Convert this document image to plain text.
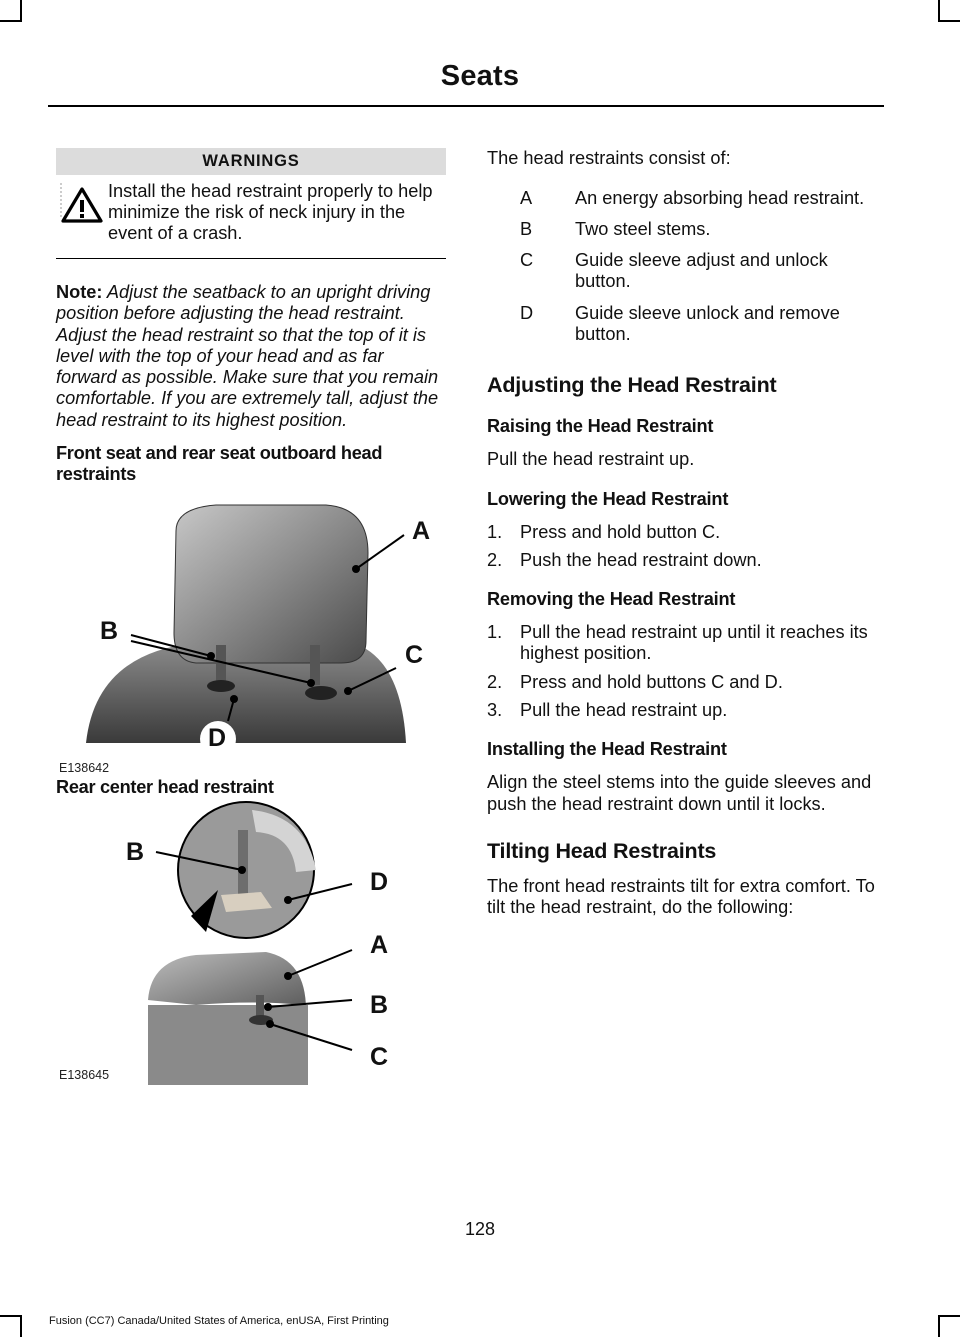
Seats
WARNINGS
Install the head restraint properly to help minimize the risk of neck injury in the event of a crash.

Note: Adjust the seatback to an upright driving position before adjusting the head restraint. Adjust the head restraint so that the top of it is level with the top of your head and as far forward as possible. Make sure that you remain comfortable. If you are extremely tall, adjust the head restraint to its highest position.

Front seat and rear seat outboard head restraints

A
B
C
D
E138642

Rear center head restraint

B
D
A
B
C
E138645

The head restraints consist of:

A	An energy absorbing head restraint.
B	Two steel stems.
C	Guide sleeve adjust and unlock button.
D	Guide sleeve unlock and remove button.

Adjusting the Head Restraint

Raising the Head Restraint

Pull the head restraint up.

Lowering the Head Restraint

1. Press and hold button C.
2. Push the head restraint down.

Removing the Head Restraint

1. Pull the head restraint up until it reaches its highest position.
2. Press and hold buttons C and D.
3. Pull the head restraint up.

Installing the Head Restraint

Align the steel stems into the guide sleeves and push the head restraint down until it locks.

Tilting Head Restraints

The front head restraints tilt for extra comfort. To tilt the head restraint, do the following:

128
Fusion (CC7) Canada/United States of America, enUSA, First Printing
